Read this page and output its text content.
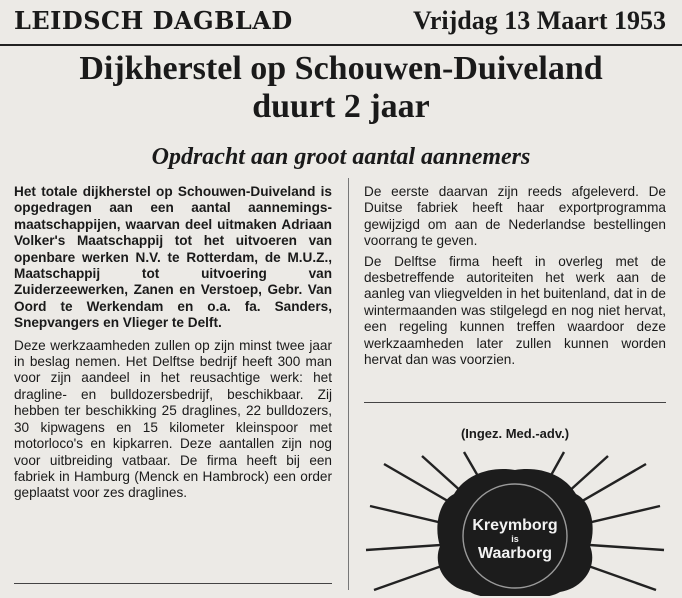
LEIDSCH DAGBLAD	Vrijdag 13 Maart 1953
Dijkherstel op Schouwen-Duiveland
duurt 2 jaar
Opdracht aan groot aantal aannemers

Het totale dijkherstel op Schouwen-Duiveland is opgedragen aan een aantal aannemings-maatschappijen, waarvan deel uitmaken Adriaan Volker's Maatschappij tot het uitvoeren van openbare werken N.V. te Rotterdam, de M.U.Z., Maatschappij tot uitvoering van Zuiderzeewerken, Zanen en Verstoep, Gebr. Van Oord te Werkendam en o.a. fa. Sanders, Snepvangers en Vlieger te Delft.

Deze werkzaamheden zullen op zijn minst twee jaar in beslag nemen. Het Delftse bedrijf heeft 300 man voor zijn aandeel in het reusachtige werk: het dragline- en bulldozersbedrijf, beschikbaar. Zij hebben ter beschikking 25 draglines, 22 bulldozers, 30 kipwagens en 15 kilometer kleinspoor met motorloco's en kipkarren. Deze aantallen zijn nog voor uitbreiding vatbaar. De firma heeft bij een fabriek in Hamburg (Menck en Hambrock) een order geplaatst voor zes draglines.

De eerste daarvan zijn reeds afgeleverd. De Duitse fabriek heeft haar exportprogramma gewijzigd om aan de Nederlandse bestellingen voorrang te geven.

De Delftse firma heeft in overleg met de desbetreffende autoriteiten het werk aan de aanleg van vliegvelden in het buitenland, dat in de wintermaanden was stilgelegd en nog niet hervat, een regeling kunnen treffen waardoor deze werkzaamheden later zullen kunnen worden hervat dan was voorzien.

(Ingez. Med.-adv.)
Kreymborg
is
Waarborg
